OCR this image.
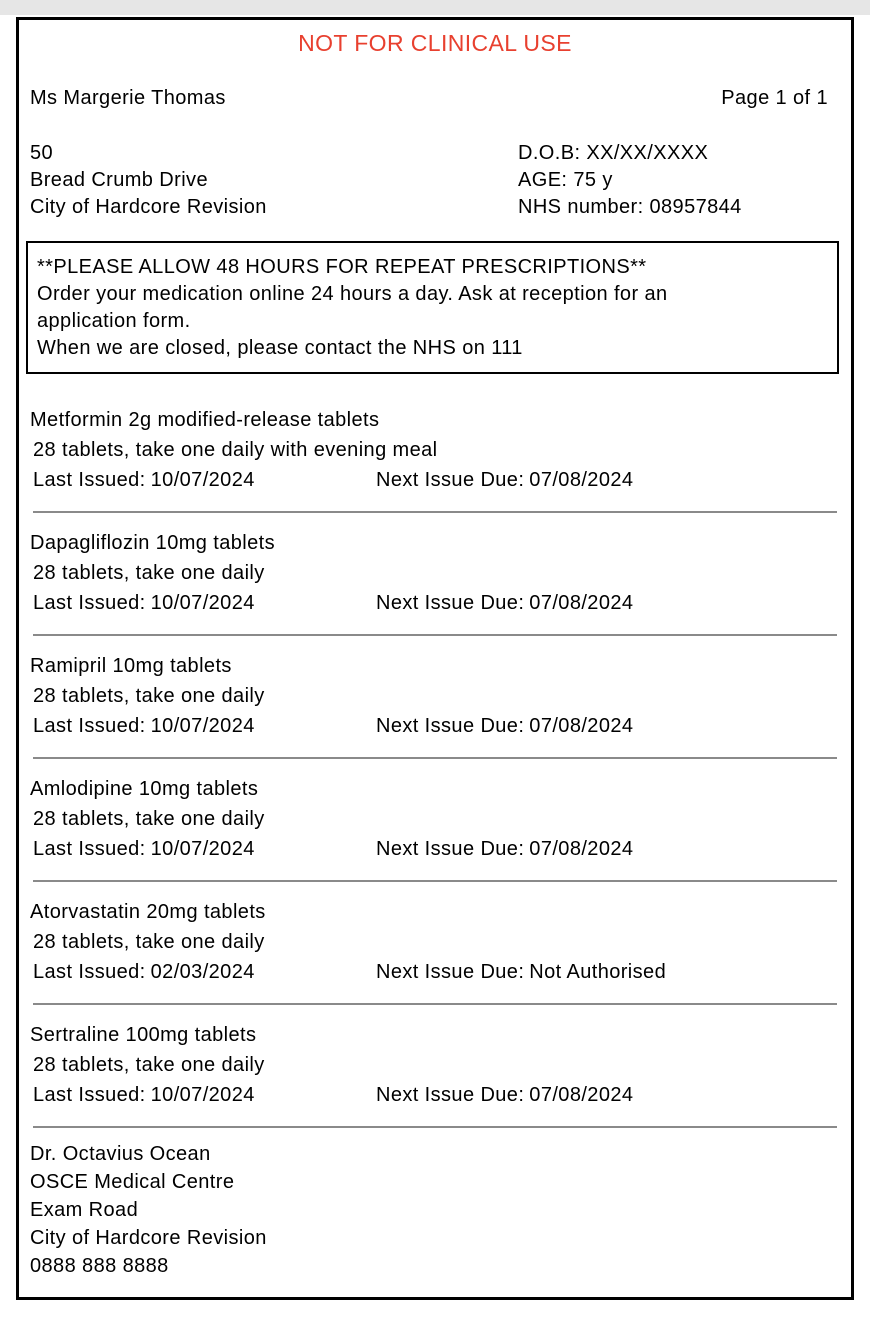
NOT FOR CLINICAL USE
Ms Margerie Thomas	Page 1 of 1
50
Bread Crumb Drive
City of Hardcore Revision
D.O.B: XX/XX/XXXX
AGE: 75 y
NHS number: 08957844
**PLEASE ALLOW 48 HOURS FOR REPEAT PRESCRIPTIONS**
Order your medication online 24 hours a day. Ask at reception for an application form.
When we are closed, please contact the NHS on 111
Metformin 2g modified-release tablets
28 tablets, take one daily with evening meal
Last Issued: 10/07/2024	Next Issue Due: 07/08/2024
Dapagliflozin 10mg tablets
28 tablets, take one daily
Last Issued: 10/07/2024	Next Issue Due: 07/08/2024
Ramipril 10mg tablets
28 tablets, take one daily
Last Issued: 10/07/2024	Next Issue Due: 07/08/2024
Amlodipine 10mg tablets
28 tablets, take one daily
Last Issued: 10/07/2024	Next Issue Due: 07/08/2024
Atorvastatin 20mg tablets
28 tablets, take one daily
Last Issued: 02/03/2024	Next Issue Due: Not Authorised
Sertraline 100mg tablets
28 tablets, take one daily
Last Issued: 10/07/2024	Next Issue Due: 07/08/2024
Dr. Octavius Ocean
OSCE Medical Centre
Exam Road
City of Hardcore Revision
0888 888 8888
